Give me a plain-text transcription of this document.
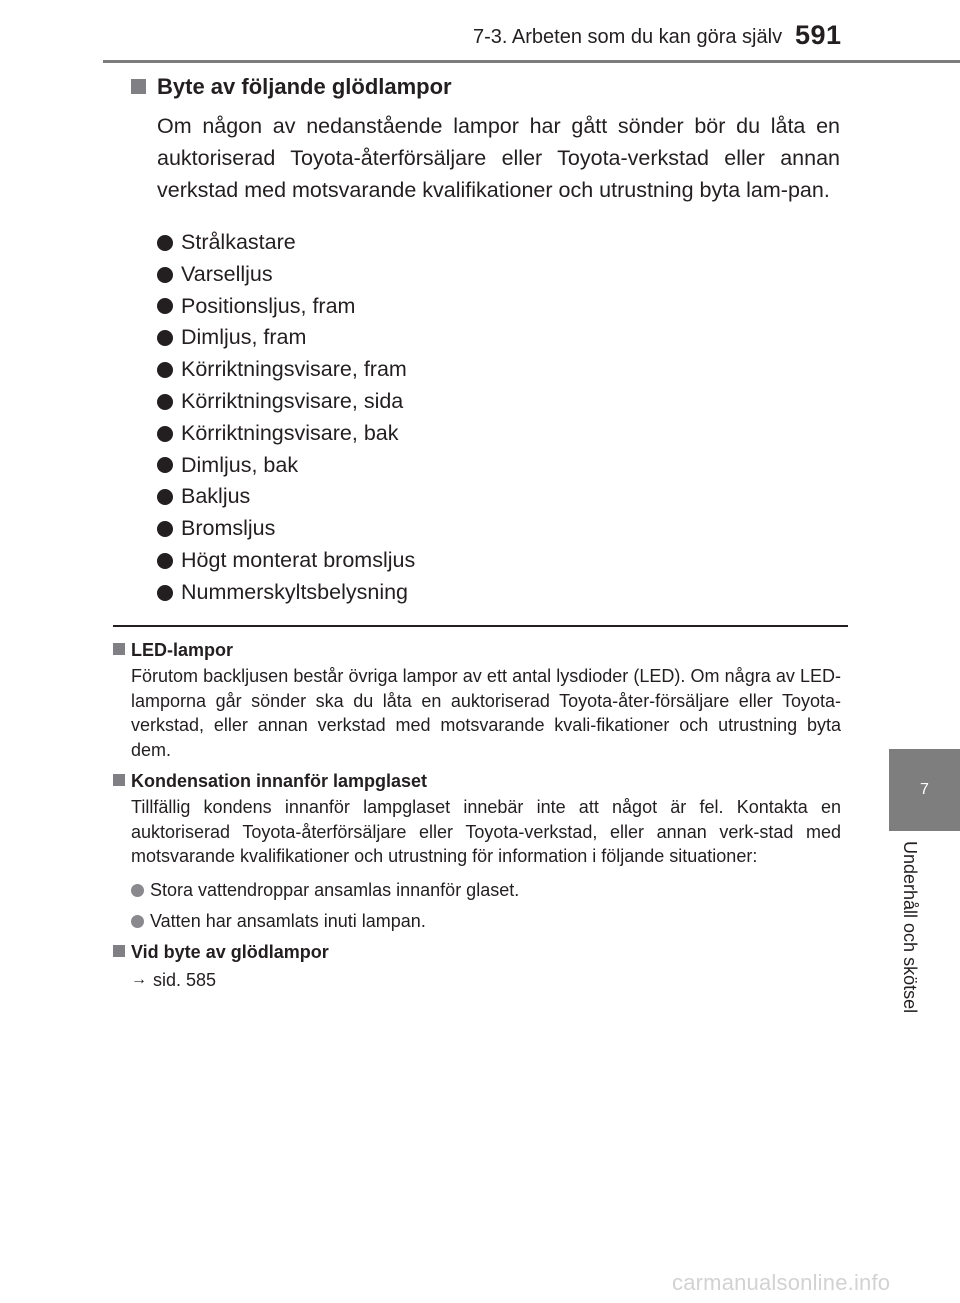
7-3. Arbeten som du kan göra själv 591
7
Underhåll och skötsel
Byte av följande glödlampor

Om någon av nedanstående lampor har gått sönder bör du låta en auktoriserad Toyota-återförsäljare eller Toyota-verkstad eller annan verkstad med motsvarande kvalifikationer och utrustning byta lam-pan.

Strålkastare
Varselljus
Positionsljus, fram
Dimljus, fram
Körriktningsvisare, fram
Körriktningsvisare, sida
Körriktningsvisare, bak
Dimljus, bak
Bakljus
Bromsljus
Högt monterat bromsljus
Nummerskyltsbelysning

LED-lampor

Förutom backljusen består övriga lampor av ett antal lysdioder (LED). Om några av LED-lamporna går sönder ska du låta en auktoriserad Toyota-åter-försäljare eller Toyota-verkstad, eller annan verkstad med motsvarande kvali-fikationer och utrustning byta dem.

Kondensation innanför lampglaset

Tillfällig kondens innanför lampglaset innebär inte att något är fel. Kontakta en auktoriserad Toyota-återförsäljare eller Toyota-verkstad, eller annan verk-stad med motsvarande kvalifikationer och utrustning för information i följande situationer:

Stora vattendroppar ansamlas innanför glaset.
Vatten har ansamlats inuti lampan.

Vid byte av glödlampor

→ sid. 585

carmanualsonline.info
